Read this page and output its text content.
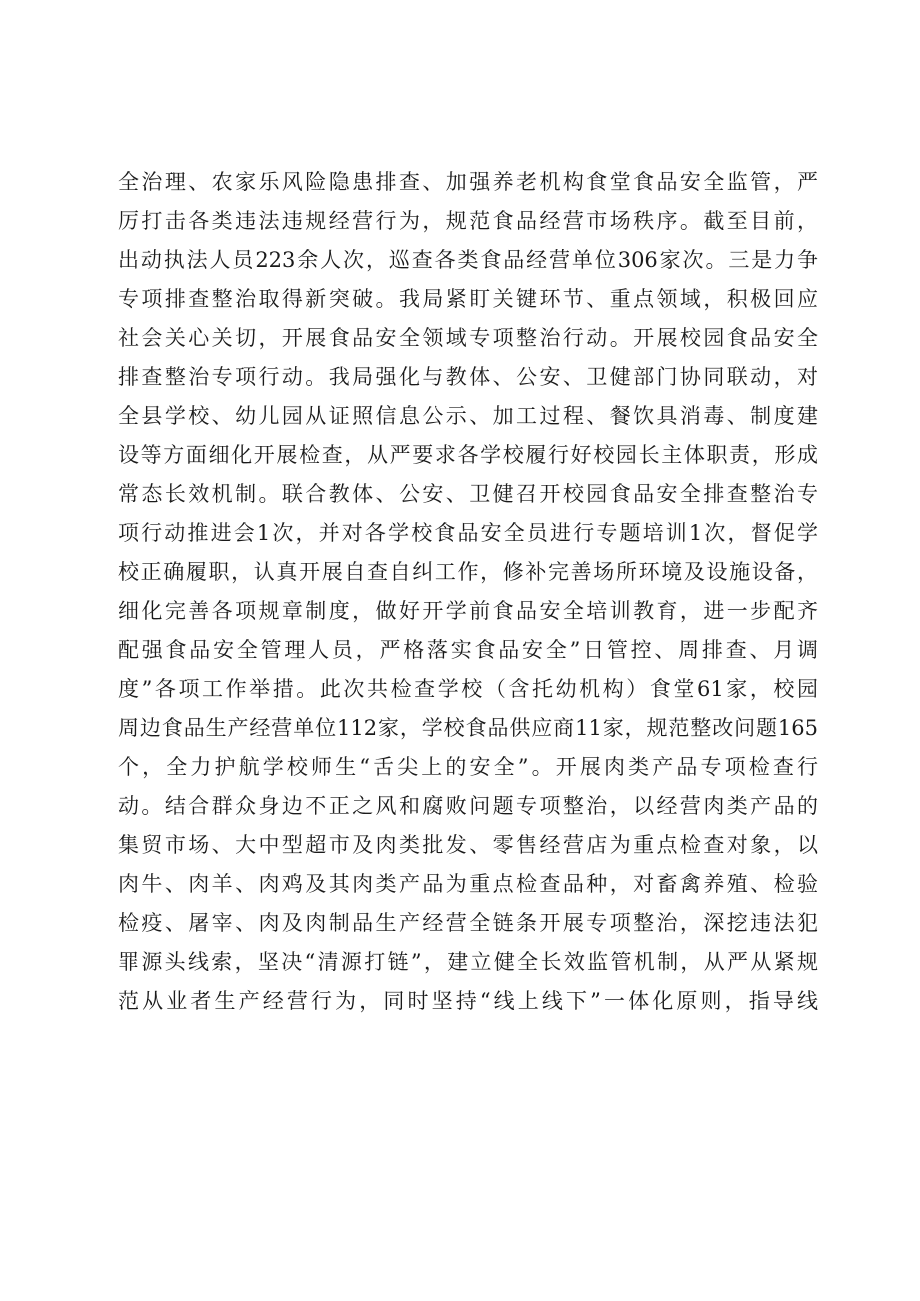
全治理、农家乐风险隐患排查、加强养老机构食堂食品安全监管，严
厉打击各类违法违规经营行为，规范食品经营市场秩序。截至目前，
出动执法人员223余人次，巡查各类食品经营单位306家次。三是力争
专项排查整治取得新突破。我局紧盯关键环节、重点领域，积极回应
社会关心关切，开展食品安全领域专项整治行动。开展校园食品安全
排查整治专项行动。我局强化与教体、公安、卫健部门协同联动，对
全县学校、幼儿园从证照信息公示、加工过程、餐饮具消毒、制度建
设等方面细化开展检查，从严要求各学校履行好校园长主体职责，形成
常态长效机制。联合教体、公安、卫健召开校园食品安全排查整治专
项行动推进会1次，并对各学校食品安全员进行专题培训1次，督促学
校正确履职，认真开展自查自纠工作，修补完善场所环境及设施设备，
细化完善各项规章制度，做好开学前食品安全培训教育，进一步配齐
配强食品安全管理人员，严格落实食品安全”日管控、周排查、月调
度”各项工作举措。此次共检查学校（含托幼机构）食堂61家，校园
周边食品生产经营单位112家，学校食品供应商11家，规范整改问题165
个，全力护航学校师生“舌尖上的安全”。开展肉类产品专项检查行
动。结合群众身边不正之风和腐败问题专项整治，以经营肉类产品的
集贸市场、大中型超市及肉类批发、零售经营店为重点检查对象，以
肉牛、肉羊、肉鸡及其肉类产品为重点检查品种，对畜禽养殖、检验
检疫、屠宰、肉及肉制品生产经营全链条开展专项整治，深挖违法犯
罪源头线索，坚决“清源打链”，建立健全长效监管机制，从严从紧规
范从业者生产经营行为，同时坚持“线上线下”一体化原则，指导线
